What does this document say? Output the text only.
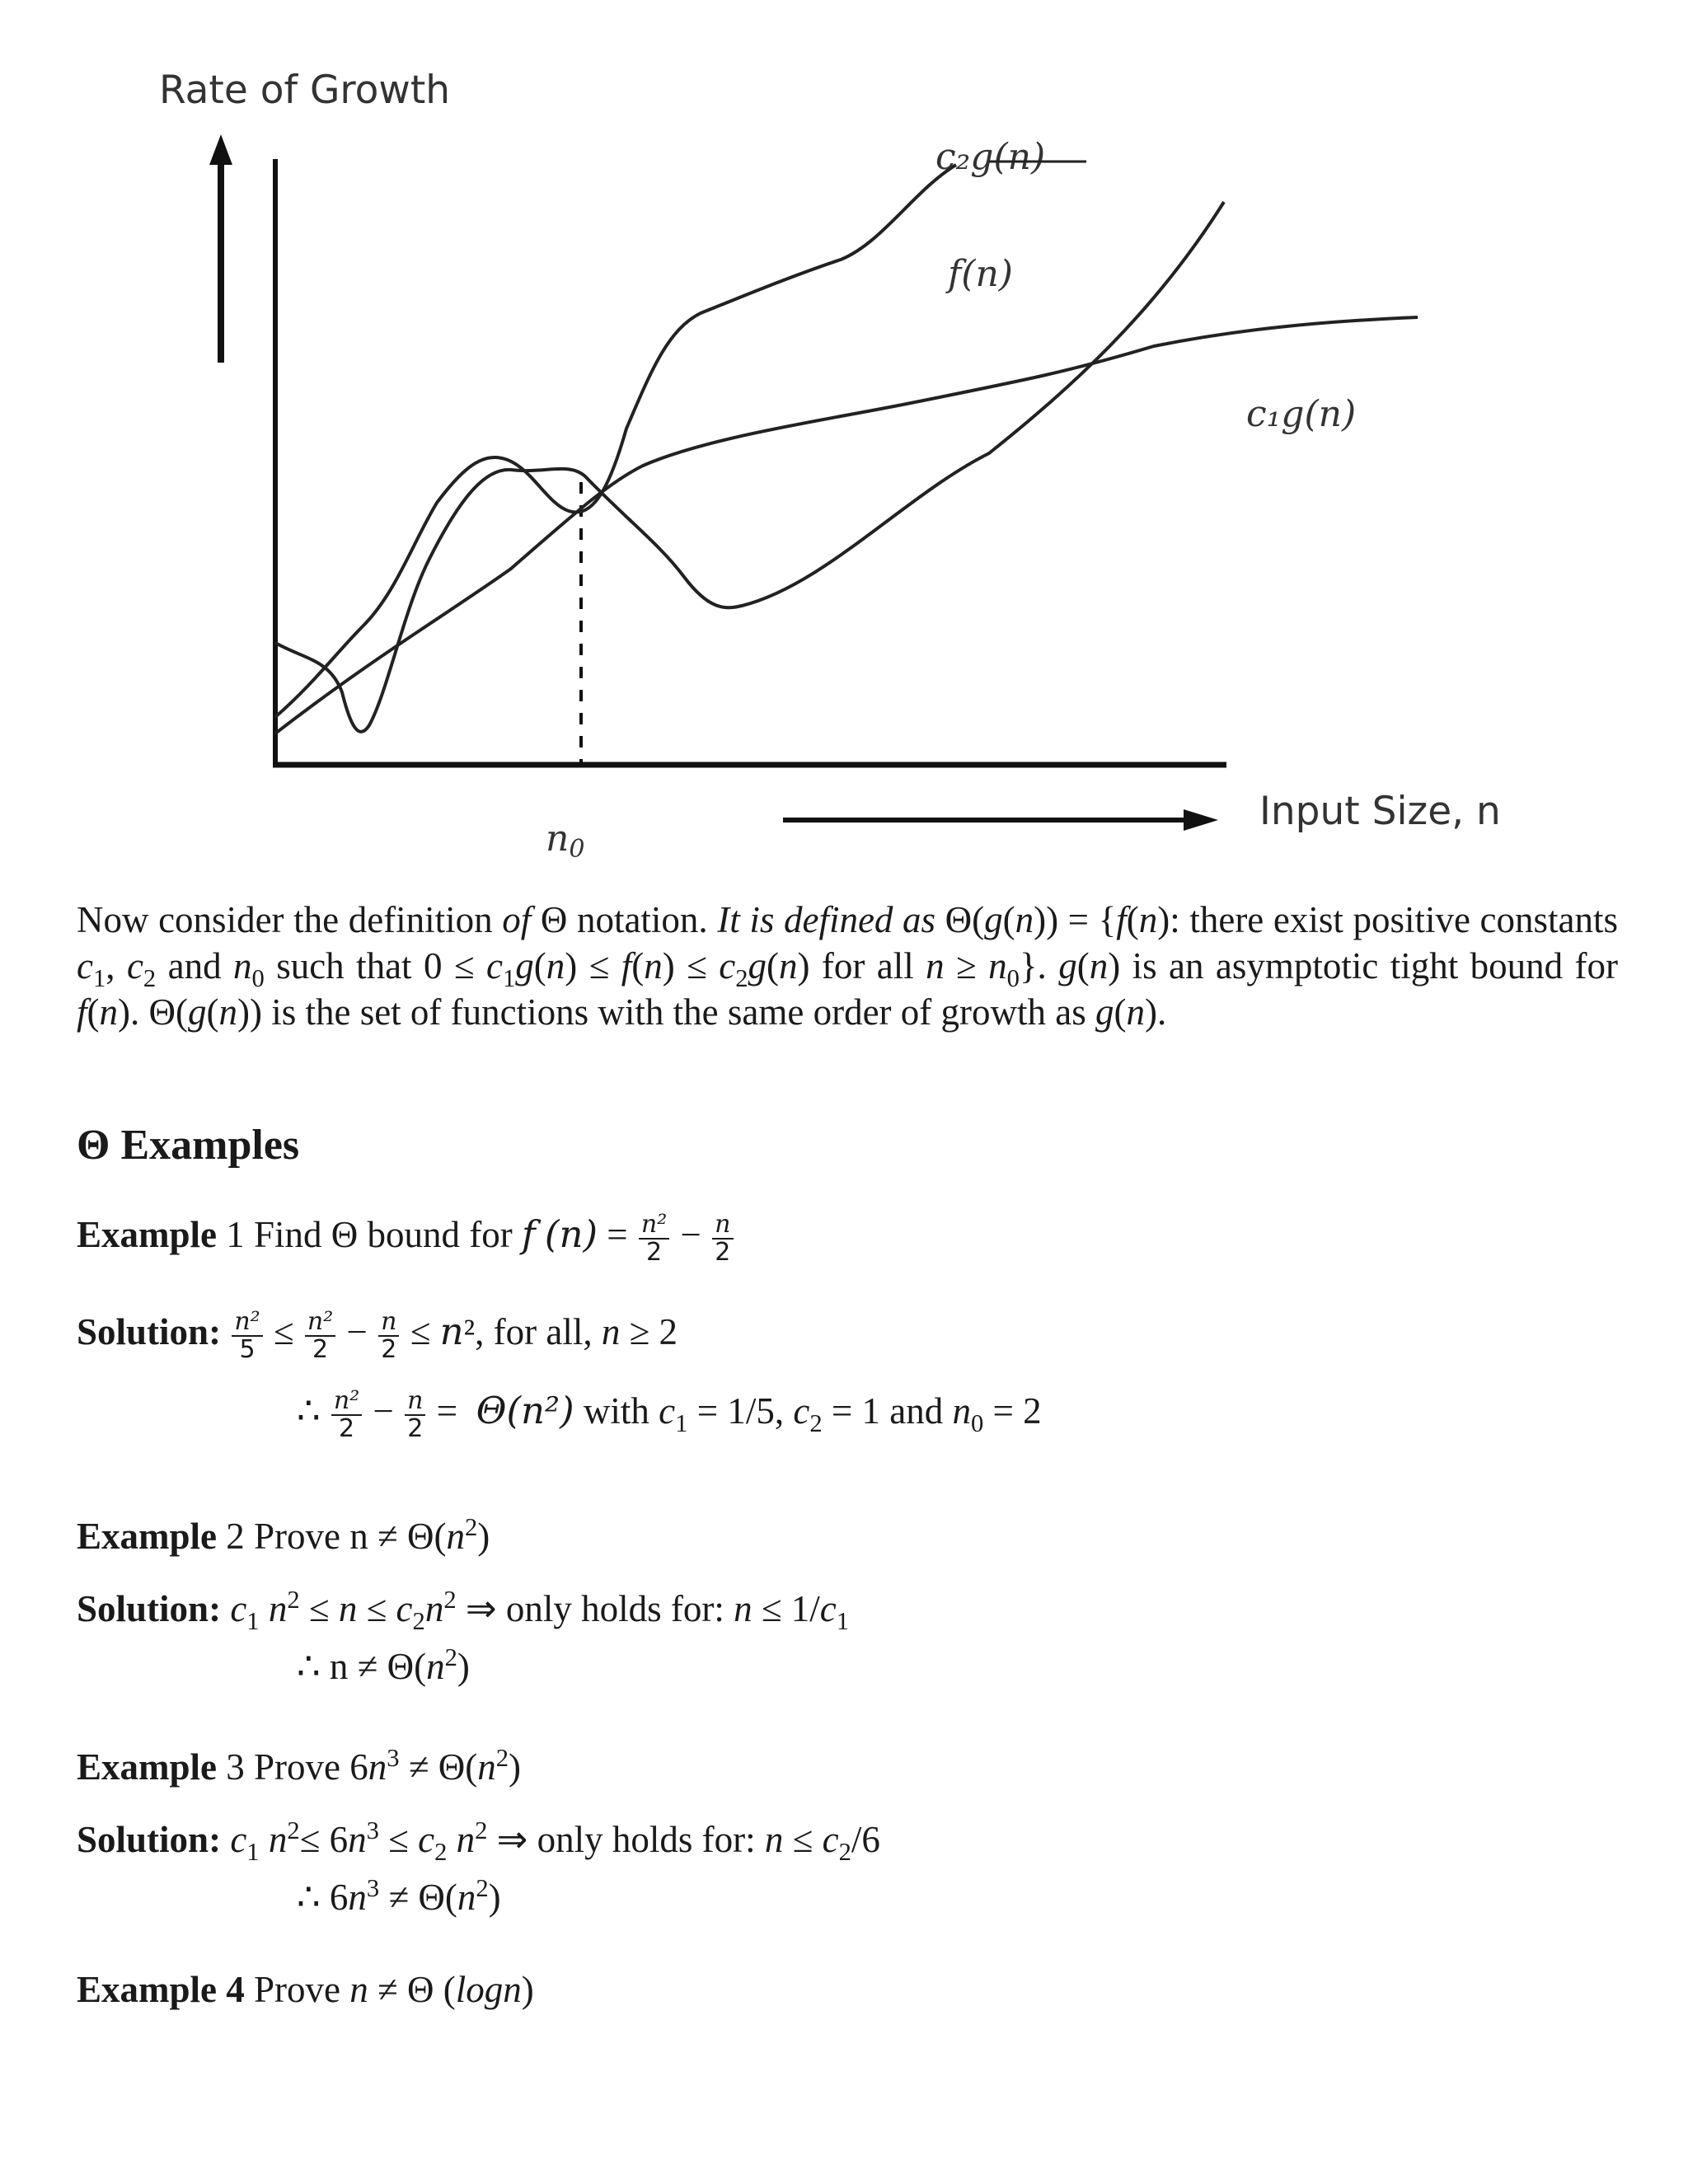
Rate of Growth
Input Size, n
n0
c₂g(n)
f(n)
c₁g(n)
Now consider the definition of Θ notation. It is defined as Θ(g(n)) = {f(n): there exist positive constants $c_1$, $c_2$ and $n_0$ such that $0 \le c_1g(n) \le f(n) \le c_2g(n)$ for all $n \ge n_0$}. g(n) is an asymptotic tight bound for f(n). Θ(g(n)) is the set of functions with the same order of growth as g(n).
Θ Examples
Example 1 Find Θ bound for f $(n) = \frac{\text{n²}}{2} - \frac{n}{2}$
Solution: $\frac{\text{n²}}{5} \le \frac{\text{n²}}{2} - \frac{n}{2} \le n^2$, for all, n ≥ 2
∴ $\frac{\text{n²}}{2} - \frac{n}{2} = \Theta(n^2)$ with $c_1 = 1/5$, $c_2 = 1$ and $n_0 = 2$
Example 2 Prove $n \ne \Theta(n^2)$
Solution: $c_1$ $n^2 \le n \le c_2n^2$ ⇒ only holds for: $n \le 1/c_1$
∴ $n \ne \Theta(n^2)$
Example 3 Prove $6n^3 \ne \Theta(n^2)$
Solution: $c_1$ $n^2\le 6n^3 \le c_2$ $n^2$ ⇒ only holds for: $n \le c_2/6$
∴ $6n^3 \ne \Theta(n^2)$
Example 4 Prove n ≠ Θ (logn)
